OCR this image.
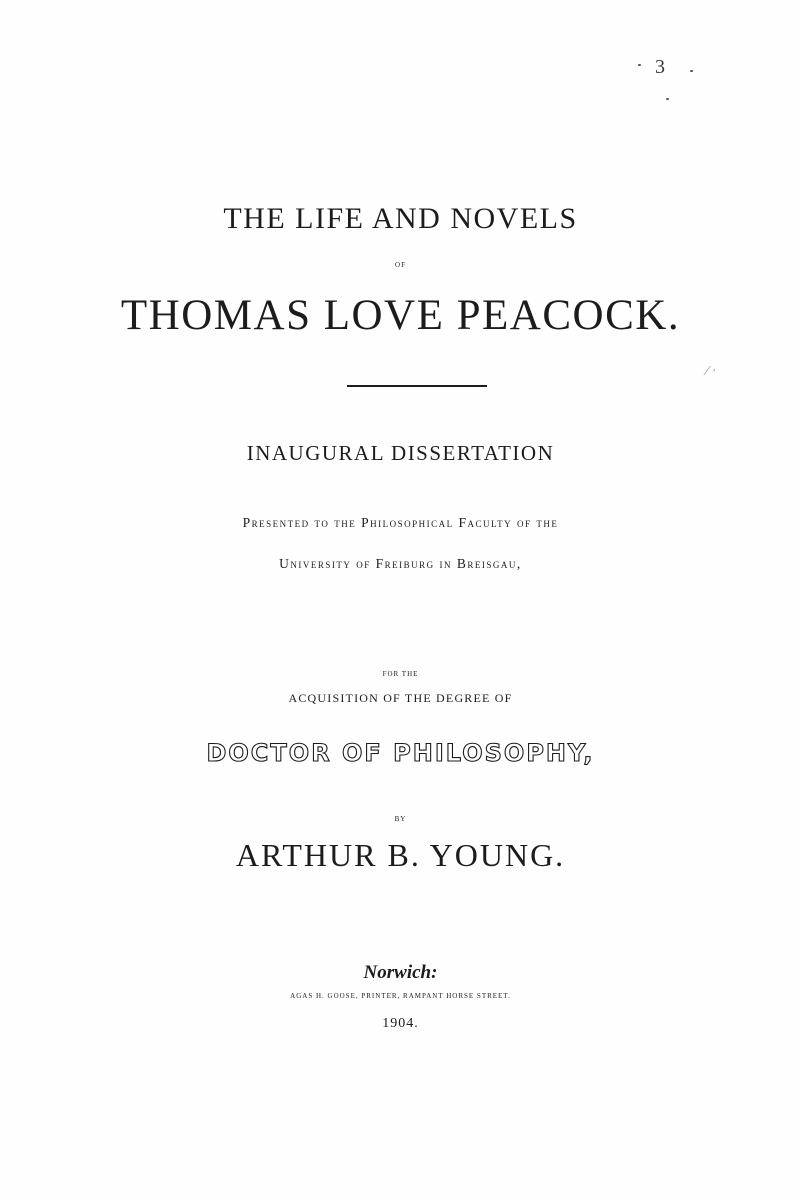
3
THE LIFE AND NOVELS
OF
THOMAS LOVE PEACOCK.
⁄ ·
INAUGURAL DISSERTATION
Presented to the Philosophical Faculty of the
University of Freiburg in Breisgau,
FOR THE
ACQUISITION OF THE DEGREE OF
DOCTOR OF PHILOSOPHY,
BY
ARTHUR B. YOUNG.
Norwich:
AGAS H. GOOSE, PRINTER, RAMPANT HORSE STREET.
1904.
